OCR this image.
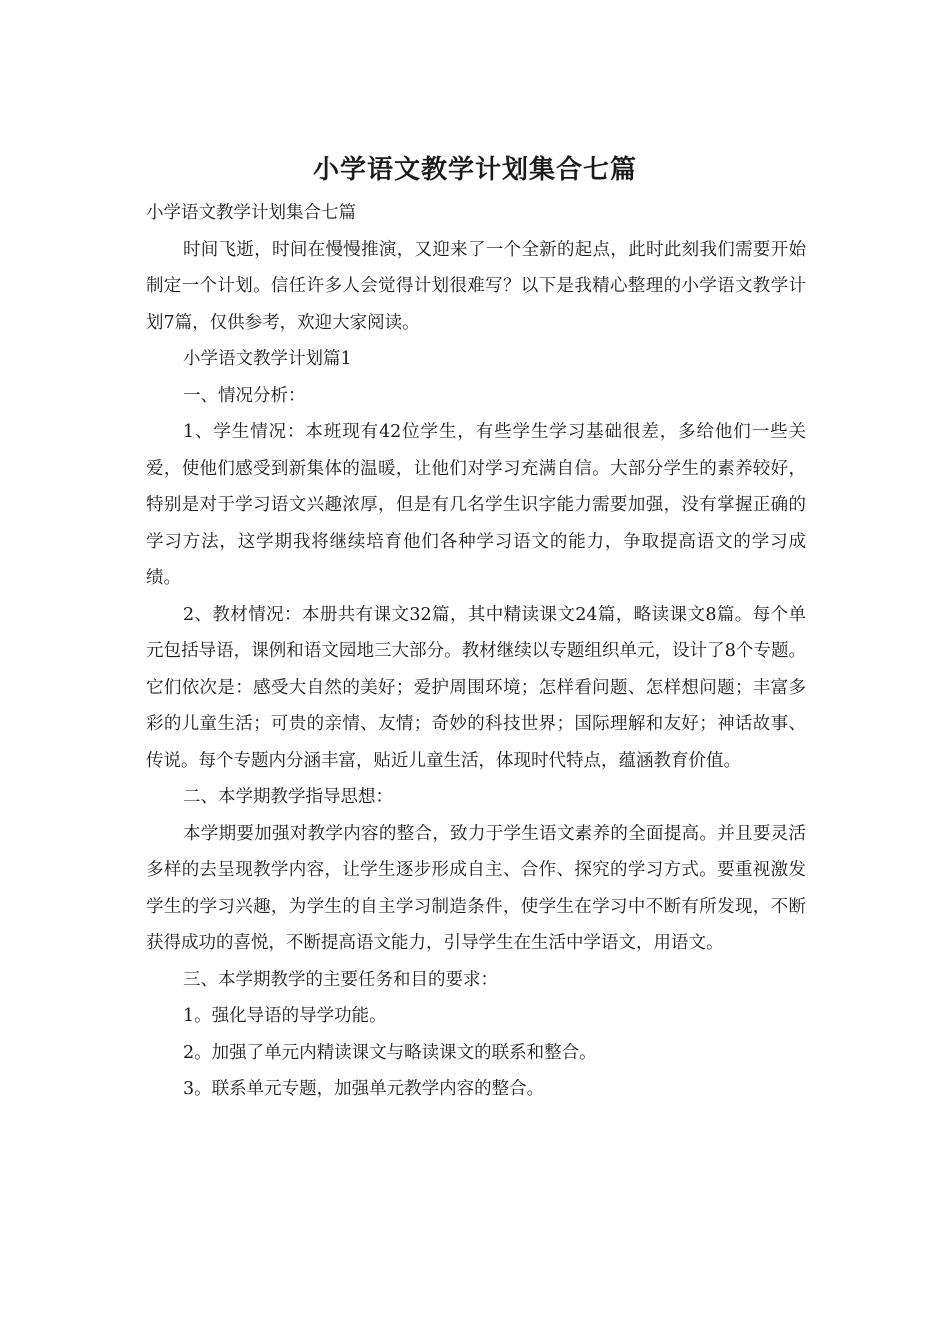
小学语文教学计划集合七篇

小学语文教学计划集合七篇

时间飞逝，时间在慢慢推演，又迎来了一个全新的起点，此时此刻我们需要开始制定一个计划。信任许多人会觉得计划很难写？以下是我精心整理的小学语文教学计划7篇，仅供参考，欢迎大家阅读。

小学语文教学计划篇1

一、情况分析：

1、学生情况：本班现有42位学生，有些学生学习基础很差，多给他们一些关爱，使他们感受到新集体的温暖，让他们对学习充满自信。大部分学生的素养较好，特别是对于学习语文兴趣浓厚，但是有几名学生识字能力需要加强，没有掌握正确的学习方法，这学期我将继续培育他们各种学习语文的能力，争取提高语文的学习成绩。

2、教材情况：本册共有课文32篇，其中精读课文24篇，略读课文8篇。每个单元包括导语，课例和语文园地三大部分。教材继续以专题组织单元，设计了8个专题。它们依次是：感受大自然的美好；爱护周围环境；怎样看问题、怎样想问题；丰富多彩的儿童生活；可贵的亲情、友情；奇妙的科技世界；国际理解和友好；神话故事、传说。每个专题内分涵丰富，贴近儿童生活，体现时代特点，蕴涵教育价值。

二、本学期教学指导思想：

本学期要加强对教学内容的整合，致力于学生语文素养的全面提高。并且要灵活多样的去呈现教学内容，让学生逐步形成自主、合作、探究的学习方式。要重视激发学生的学习兴趣，为学生的自主学习制造条件，使学生在学习中不断有所发现，不断获得成功的喜悦，不断提高语文能力，引导学生在生活中学语文，用语文。

三、本学期教学的主要任务和目的要求：

1。强化导语的导学功能。

2。加强了单元内精读课文与略读课文的联系和整合。

3。联系单元专题，加强单元教学内容的整合。
